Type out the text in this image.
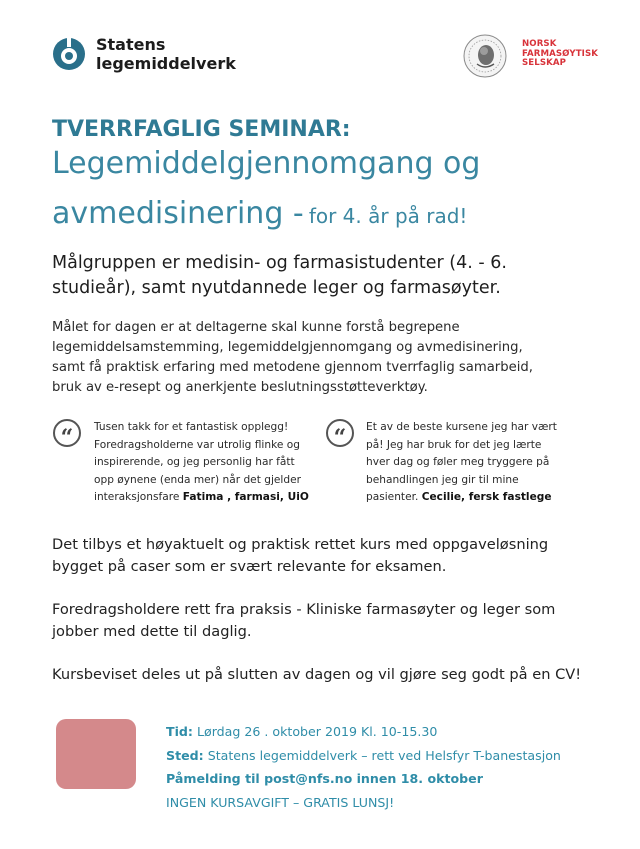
Statens
legemiddelverk
NORSK
FARMASØYTISK
SELSKAP
TVERRFAGLIG SEMINAR:
Legemiddelgjennomgang og
avmedisinering - for 4. år på rad!
Målgruppen er medisin- og farmasistudenter (4. - 6.
studieår), samt nyutdannede leger og farmasøyter.
Målet for dagen er at deltagerne skal kunne forstå begrepene
legemiddelsamstemming, legemiddelgjennomgang og avmedisinering,
samt få praktisk erfaring med metodene gjennom tverrfaglig samarbeid,
bruk av e-resept og anerkjente beslutningsstøtteverktøy.
“	Tusen takk for et fantastisk opplegg!
Foredragsholderne var utrolig flinke og
inspirerende, og jeg personlig har fått
opp øynene (enda mer) når det gjelder
interaksjonsfare Fatima , farmasi, UiO
“	Et av de beste kursene jeg har vært
på! Jeg har bruk for det jeg lærte
hver dag og føler meg tryggere på
behandlingen jeg gir til mine
pasienter. Cecilie, fersk fastlege
Det tilbys et høyaktuelt og praktisk rettet kurs med oppgaveløsning
bygget på caser som er svært relevante for eksamen.
Foredragsholdere rett fra praksis - Kliniske farmasøyter og leger som
jobber med dette til daglig.
Kursbeviset deles ut på slutten av dagen og vil gjøre seg godt på en CV!
Tid: Lørdag 26 . oktober 2019 Kl. 10-15.30
Sted: Statens legemiddelverk – rett ved Helsfyr T-banestasjon
Påmelding til post@nfs.no innen 18. oktober
INGEN KURSAVGIFT – GRATIS LUNSJ!
